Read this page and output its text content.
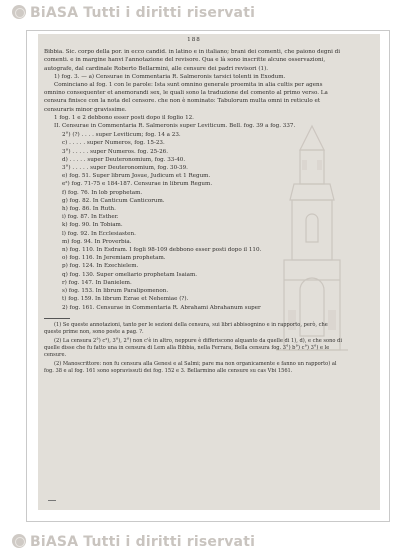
BiASA Tutti i diritti riservati

188

Bibbia. Sic. corpo della por. in ecco candid. in latino e in italiano; brani dei comenti, che paiono degni di comenti. e in margine hanvi l'annotazione del revisore. Qua e là sono inscritte alcune osservazioni, autografe, dal cardinale Roberto Bellarmini, alle censure dei padri revisori (1).

1) fog. 3. — a) Censurae in Commentaria R. Salmeronis tarsici tolenti in Exodum.

Cominciano al fog. 1 con le parole: Ista sunt omnino generale proemita in alia cultis per agens omnino consequenter et anemorandi sex, le quali sono la traduzione del comento al primo verso. La censura finisce con la nota del censore. che non è nominato: Tabulorum multa omni in reticulo et censuraris minor gravissime.

1 fog. 1 e 2 debbono esser posti dopo il foglio 12.

II. Censurae in Commentaria R. Salmeronis super Leviticum. Bell. fog. 39 a fog. 337.

2°) (?) . . . . super Leviticum; fog. 14 a 23.
c) . . . . . super Numeros, fog. 15-23.
3°) . . . . . super Numeros. fog. 25-26.
d) . . . . . super Deuteronomium, fog. 33-40.
3°) . . . . . super Deuteronomium, fog. 30-39.
e) fog. 51. Super librum Josue, Judicum et 1 Regum.
e²) fog. 71-75 e 184-187. Censurae in librum Regum.
f) fog. 76. In lob prophetam.
g) fog. 82. In Canticum Canticorum.
h) fog. 86. In Ruth.
i) fog. 87. In Esther.
k) fog. 90. In Tobiam.
l) fog. 92. In Ecclesiasten.
m) fog. 94. In Proverbia.
n) fog. 110. In Esdram. I fogli 98-109 debbono esser posti dopo il 110.
o) fog. 116. In Jeremiam prophetam.
p) fog. 124. In Ezechielem.
q) fog. 130. Super omeliario prophetam Isaiam.
r) fog. 147. In Danielem.
s) fog. 153. In librum Paralipomenon.
t) fog. 159. In librum Ezrae et Nehemiae (?).
2) fog. 161. Censurae in Commentaria R. Abrahami Abrahanum super

(1) Se queste annotazioni, tanto per le sezioni della censura, sui libri abbisognino e in rapporto, però, che queste prime non, sono poste a pag. ?.

(2) La censura 2°) c²), 3°), 2°) non c'è in altro, neppure è differiscono alquanto da quelle di 1), d), e che sono di quelle disse che fu fatto una in censura di Lem alla Bibbia, nella Ferrara, Bella censura fog. 3°) b°) c°) 3°) e le censure.

(2) Manoscrittore: non fu censura alla Genesi e al Salmi; pare ma non organicamente e fanno un rapporto) al fog. 38 e al fog. 161 sono sopravissuti dei fog. 152 e 3. Bellarmino alle censure su cas Vbi 1561.

BiASA Tutti i diritti riservati
